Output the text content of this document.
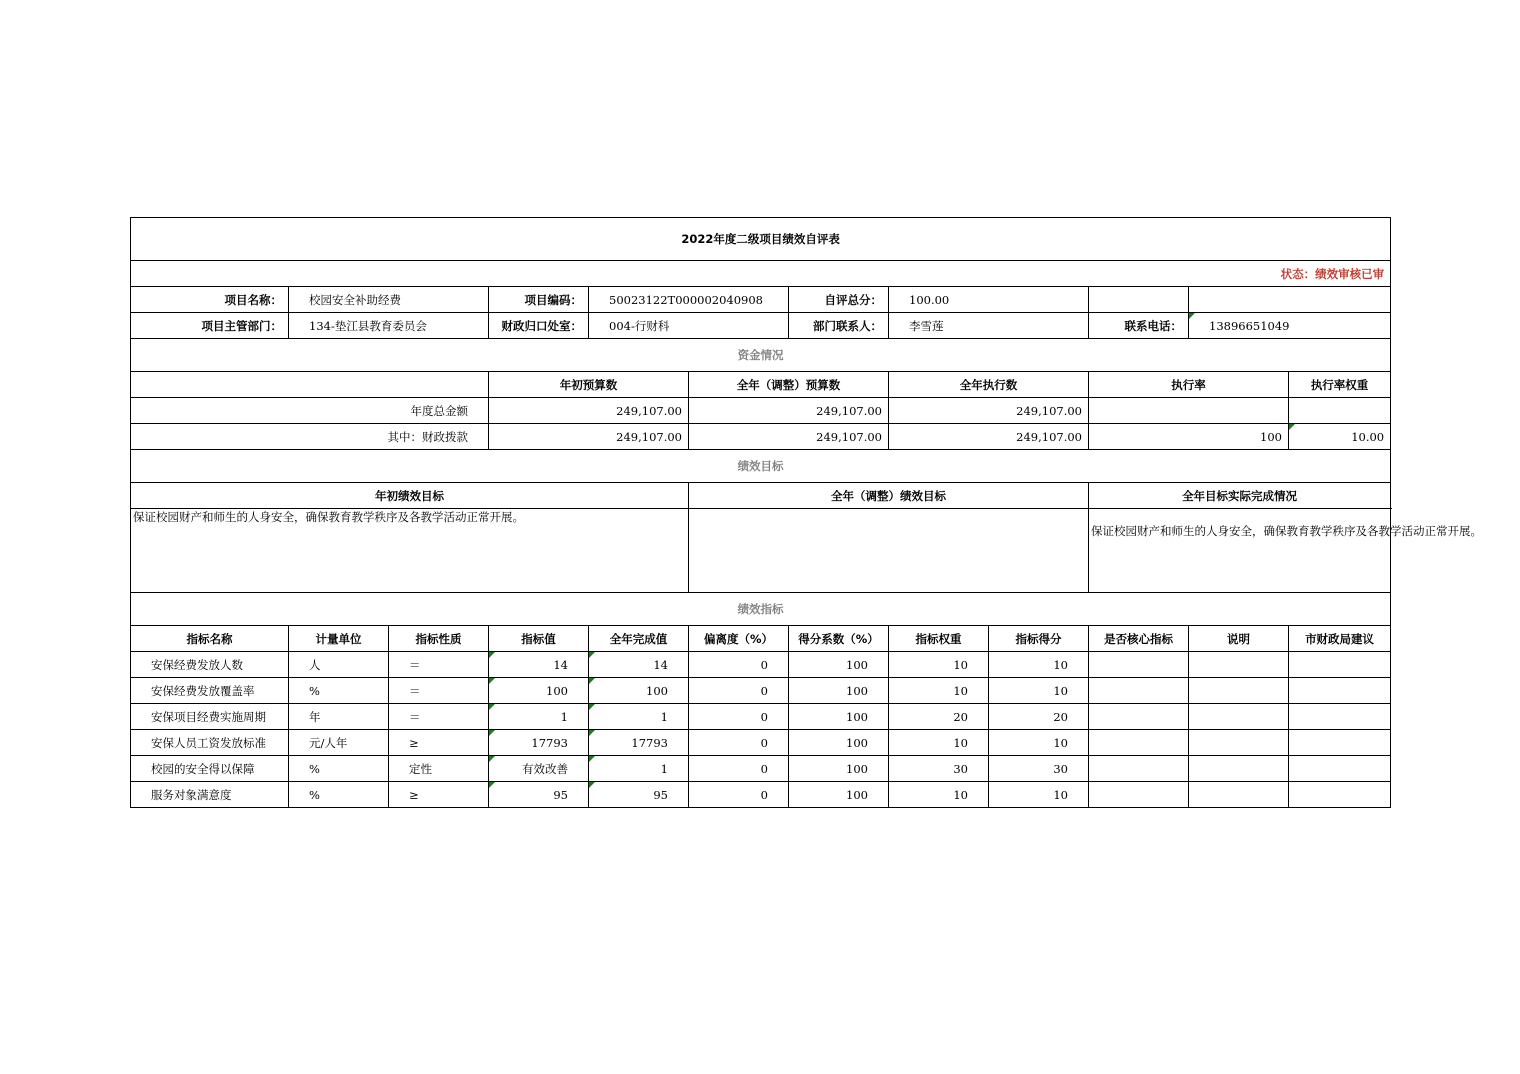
2022年度二级项目绩效自评表												
状态：绩效审核已审												
项目名称：	校园安全补助经费		项目编码：	50023122T000002040908		自评总分：	100.00					
项目主管部门：	134-垫江县教育委员会		财政归口处室：	004-行财科		部门联系人：	李雪莲		联系电话：	13896651049		
资金情况												
			年初预算数		全年（调整）预算数		全年执行数		执行率		执行率权重	
年度总金额			249,107.00		249,107.00		249,107.00					
其中：财政拨款			249,107.00		249,107.00		249,107.00		100		10.00	
绩效目标												
年初绩效目标					全年（调整）绩效目标				全年目标实际完成情况			
保证校园财产和师生的人身安全，确保教育教学秩序及各教学活动正常开展。									保证校园财产和师生的人身安全，确保教育教学秩序及各教学活动正常开展。			
绩效指标												
指标名称	计量单位	指标性质	指标值	全年完成值	偏离度（%）	得分系数（%）	指标权重	指标得分	是否核心指标	说明	市财政局建议	
安保经费发放人数	人	＝	14	14	0	100	10	10				
安保经费发放覆盖率	%	＝	100	100	0	100	10	10				
安保项目经费实施周期	年	＝	1	1	0	100	20	20				
安保人员工资发放标准	元/人年	≥	17793	17793	0	100	10	10				
校园的安全得以保障	%	定性	有效改善	1	0	100	30	30				
服务对象满意度	%	≥	95	95	0	100	10	10				
